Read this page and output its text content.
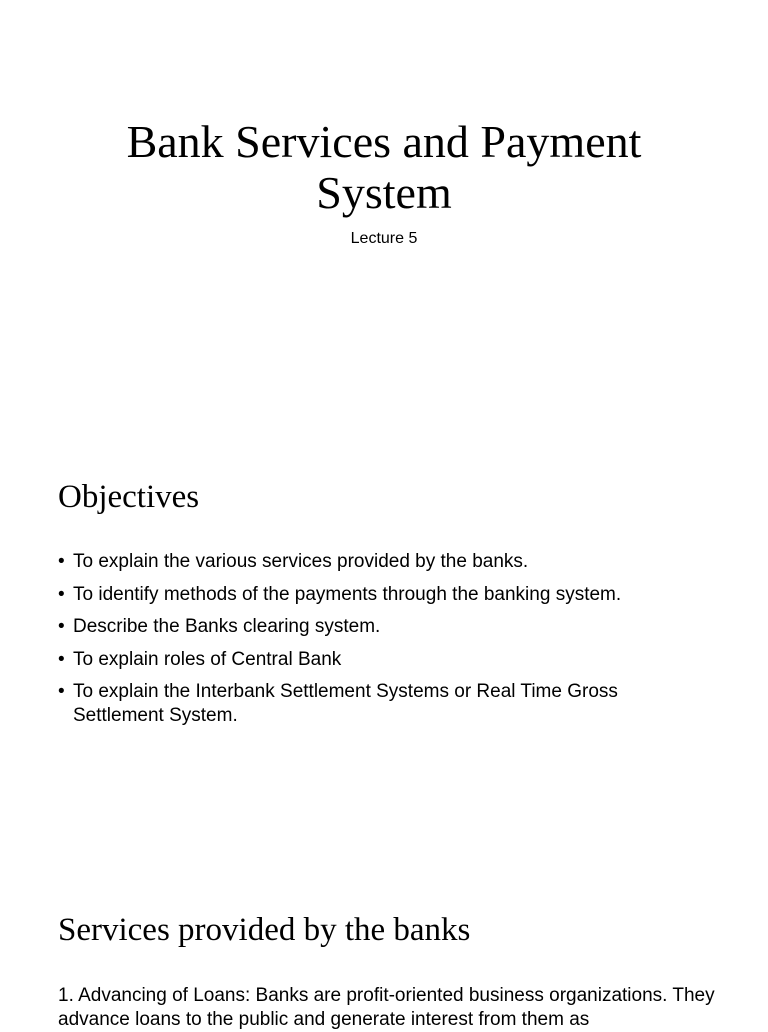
Bank Services and Payment System

Lecture 5

Objectives
• To explain the various services provided by the banks.
• To identify methods of the payments through the banking system.
• Describe the Banks clearing system.
• To explain roles of Central Bank
• To explain the Interbank Settlement Systems or Real Time Gross Settlement System.
Services provided by the banks

1. Advancing of Loans: Banks are profit-oriented business organizations. They advance loans to the public and generate interest from them as
